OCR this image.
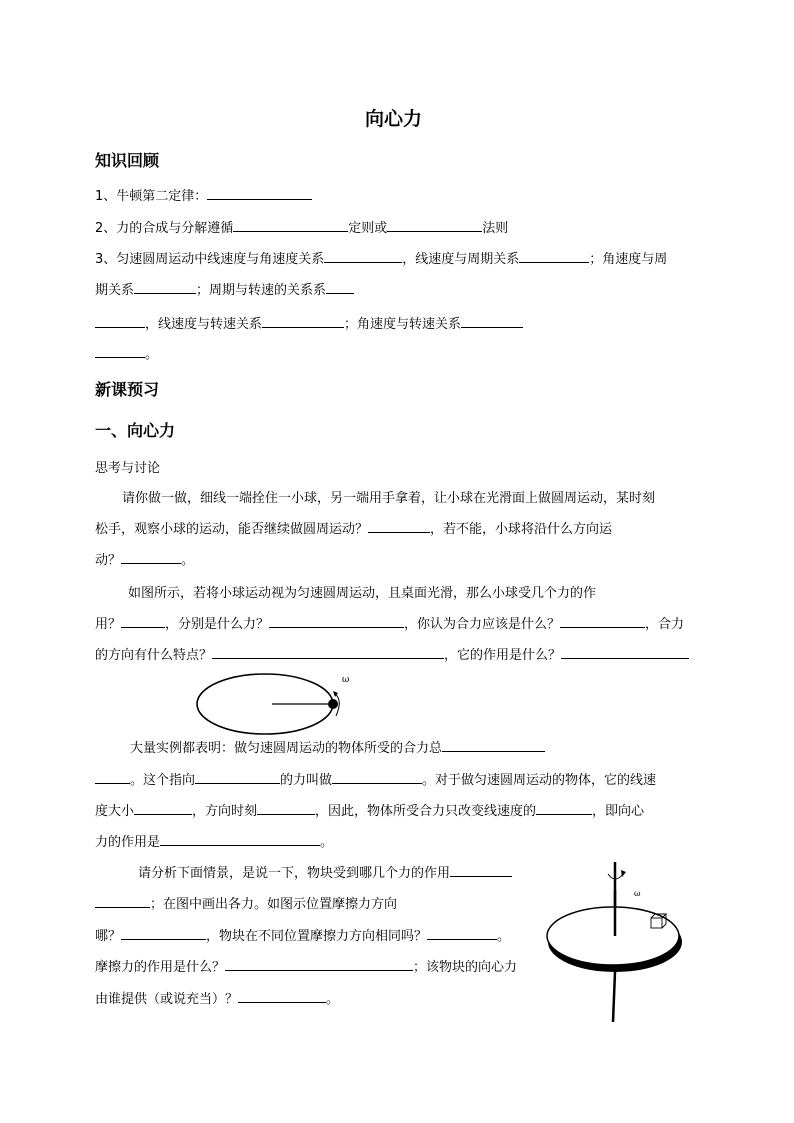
向心力
知识回顾
1、牛顿第二定律：
2、力的合成与分解遵循	定则或	法则
3、匀速圆周运动中线速度与角速度关系	，线速度与周期关系	；角速度与周
期关系	；周期与转速的关系系
，线速度与转速关系	；角速度与转速关系
。
新课预习
一、向心力
思考与讨论
请你做一做，细线一端拴住一小球，另一端用手拿着，让小球在光滑面上做圆周运动，某时刻
松手，观察小球的运动，能否继续做圆周运动？	，若不能，小球将沿什么方向运
动？	。
如图所示，若将小球运动视为匀速圆周运动，且桌面光滑，那么小球受几个力的作
用？	，分别是什么力？	，你认为合力应该是什么？	，合力
的方向有什么特点？	，它的作用是什么？
ω
大量实例都表明：做匀速圆周运动的物体所受的合力总
。这个指向	的力叫做	。对于做匀速圆周运动的物体，它的线速
度大小	，方向时刻	，因此，物体所受合力只改变线速度的	，即向心
力的作用是	。
请分析下面情景，是说一下，物块受到哪几个力的作用
；在图中画出各力。如图示位置摩擦力方向
哪？	，物块在不同位置摩擦力方向相同吗？	。
摩擦力的作用是什么？	；该物块的向心力
由谁提供（或说充当）？	。
ω
